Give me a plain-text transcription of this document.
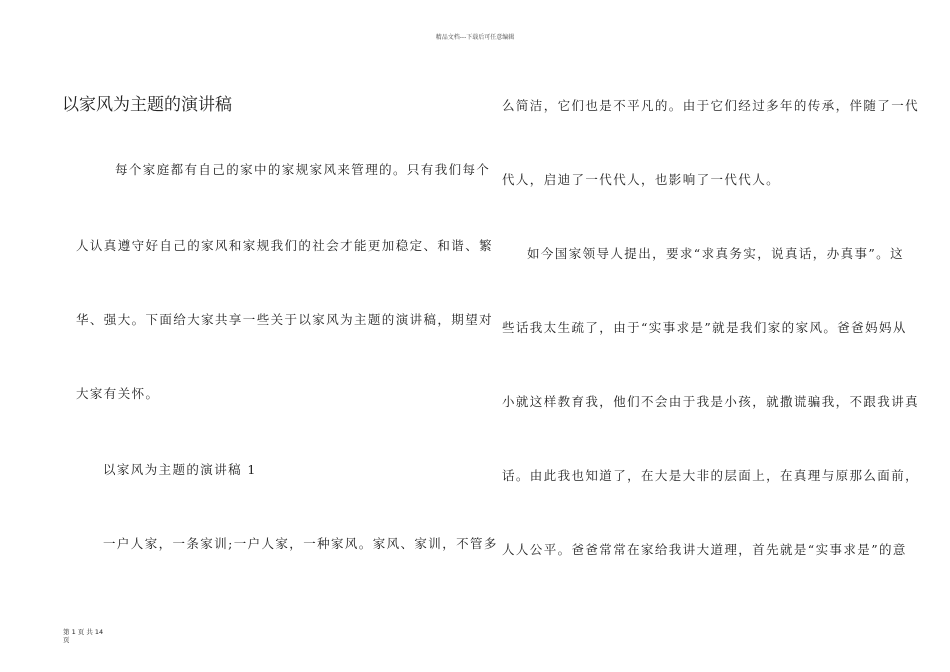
精品文档---下载后可任意编辑
以家风为主题的演讲稿
每个家庭都有自己的家中的家规家风来管理的。只有我们每个
人认真遵守好自己的家风和家规我们的社会才能更加稳定、和谐、繁
华、强大。下面给大家共享一些关于以家风为主题的演讲稿，期望对
大家有关怀。
以家风为主题的演讲稿 1
一户人家，一条家训;一户人家，一种家风。家风、家训，不管多
么简洁，它们也是不平凡的。由于它们经过多年的传承，伴随了一代
代人，启迪了一代代人，也影响了一代代人。
如今国家领导人提出，要求“求真务实，说真话，办真事”。这
些话我太生疏了，由于“实事求是”就是我们家的家风。爸爸妈妈从
小就这样教育我，他们不会由于我是小孩，就撒谎骗我，不跟我讲真
话。由此我也知道了，在大是大非的层面上，在真理与原那么面前，
人人公平。爸爸常常在家给我讲大道理，首先就是“实事求是”的意
第 1 页 共 14
页
